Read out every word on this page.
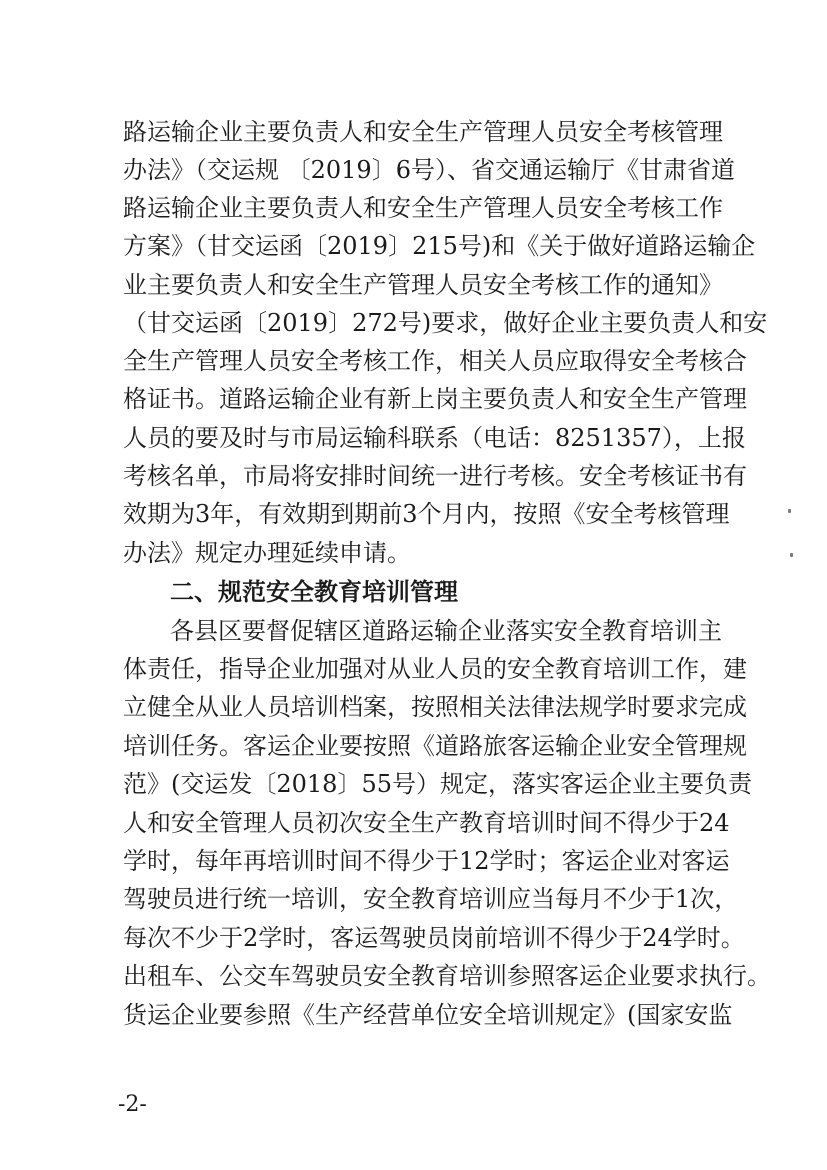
路运输企业主要负责人和安全生产管理人员安全考核管理
办法》（交运规 〔2019〕6号）、省交通运输厅《甘肃省道
路运输企业主要负责人和安全生产管理人员安全考核工作
方案》（甘交运函〔2019〕215号)和《关于做好道路运输企
业主要负责人和安全生产管理人员安全考核工作的通知》
（甘交运函〔2019〕272号)要求，做好企业主要负责人和安
全生产管理人员安全考核工作，相关人员应取得安全考核合
格证书。道路运输企业有新上岗主要负责人和安全生产管理
人员的要及时与市局运输科联系（电话：8251357），上报
考核名单，市局将安排时间统一进行考核。安全考核证书有
效期为3年，有效期到期前3个月内，按照《安全考核管理
办法》规定办理延续申请。
二、规范安全教育培训管理
各县区要督促辖区道路运输企业落实安全教育培训主
体责任，指导企业加强对从业人员的安全教育培训工作，建
立健全从业人员培训档案，按照相关法律法规学时要求完成
培训任务。客运企业要按照《道路旅客运输企业安全管理规
范》(交运发〔2018〕55号）规定，落实客运企业主要负责
人和安全管理人员初次安全生产教育培训时间不得少于24
学时，每年再培训时间不得少于12学时；客运企业对客运
驾驶员进行统一培训，安全教育培训应当每月不少于1次，
每次不少于2学时，客运驾驶员岗前培训不得少于24学时。
出租车、公交车驾驶员安全教育培训参照客运企业要求执行。
货运企业要参照《生产经营单位安全培训规定》(国家安监
-2-
